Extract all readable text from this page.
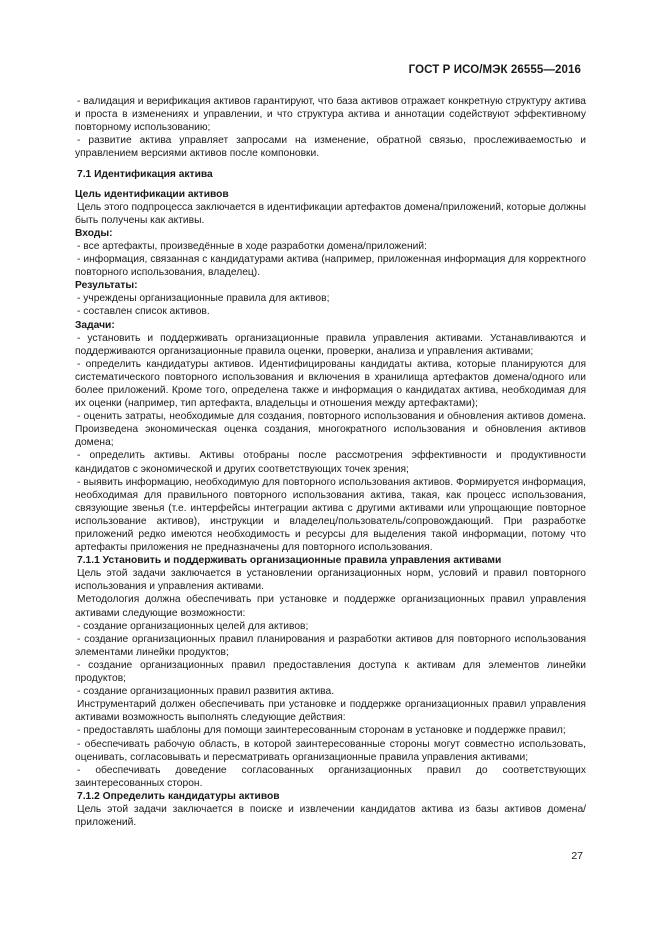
ГОСТ Р ИСО/МЭК 26555—2016

- валидация и верификация активов гарантируют, что база активов отражает конкретную структуру актива и проста в изменениях и управлении, и что структура актива и аннотации содействуют эффективному повторному использованию;

- развитие актива управляет запросами на изменение, обратной связью, прослеживаемостью и управлением версиями активов после компоновки.

7.1 Идентификация актива

Цель идентификации активов

Цель этого подпроцесса заключается в идентификации артефактов домена/приложений, которые должны быть получены как активы.

Входы:

- все артефакты, произведённые в ходе разработки домена/приложений:

- информация, связанная с кандидатурами актива (например, приложенная информация для корректного повторного использования, владелец).

Результаты:

- учреждены организационные правила для активов;

- составлен список активов.

Задачи:

- установить и поддерживать организационные правила управления активами. Устанавливаются и поддерживаются организационные правила оценки, проверки, анализа и управления активами;

- определить кандидатуры активов. Идентифицированы кандидаты актива, которые планируются для систематического повторного использования и включения в хранилища артефактов домена/одного или более приложений. Кроме того, определена также и информация о кандидатах актива, необходимая для их оценки (например, тип артефакта, владельцы и отношения между артефактами);

- оценить затраты, необходимые для создания, повторного использования и обновления активов домена. Произведена экономическая оценка создания, многократного использования и обновления активов домена;

- определить активы. Активы отобраны после рассмотрения эффективности и продуктивности кандидатов с экономической и других соответствующих точек зрения;

- выявить информацию, необходимую для повторного использования активов. Формируется информация, необходимая для правильного повторного использования актива, такая, как процесс использования, связующие звенья (т.е. интерфейсы интеграции актива с другими активами или упрощающие повторное использование активов), инструкции и владелец/пользователь/сопровождающий. При разработке приложений редко имеются необходимость и ресурсы для выделения такой информации, потому что артефакты приложения не предназначены для повторного использования.

7.1.1 Установить и поддерживать организационные правила управления активами

Цель этой задачи заключается в установлении организационных норм, условий и правил повторного использования и управления активами.

Методология должна обеспечивать при установке и поддержке организационных правил управления активами следующие возможности:

- создание организационных целей для активов;

- создание организационных правил планирования и разработки активов для повторного использования элементами линейки продуктов;

- создание организационных правил предоставления доступа к активам для элементов линейки продуктов;

- создание организационных правил развития актива.

Инструментарий должен обеспечивать при установке и поддержке организационных правил управления активами возможность выполнять следующие действия:

- предоставлять шаблоны для помощи заинтересованным сторонам в установке и поддержке правил;

- обеспечивать рабочую область, в которой заинтересованные стороны могут совместно использовать, оценивать, согласовывать и пересматривать организационные правила управления активами;

- обеспечивать доведение согласованных организационных правил до соответствующих заинтересованных сторон.

7.1.2 Определить кандидатуры активов

Цель этой задачи заключается в поиске и извлечении кандидатов актива из базы активов домена/приложений.

27
